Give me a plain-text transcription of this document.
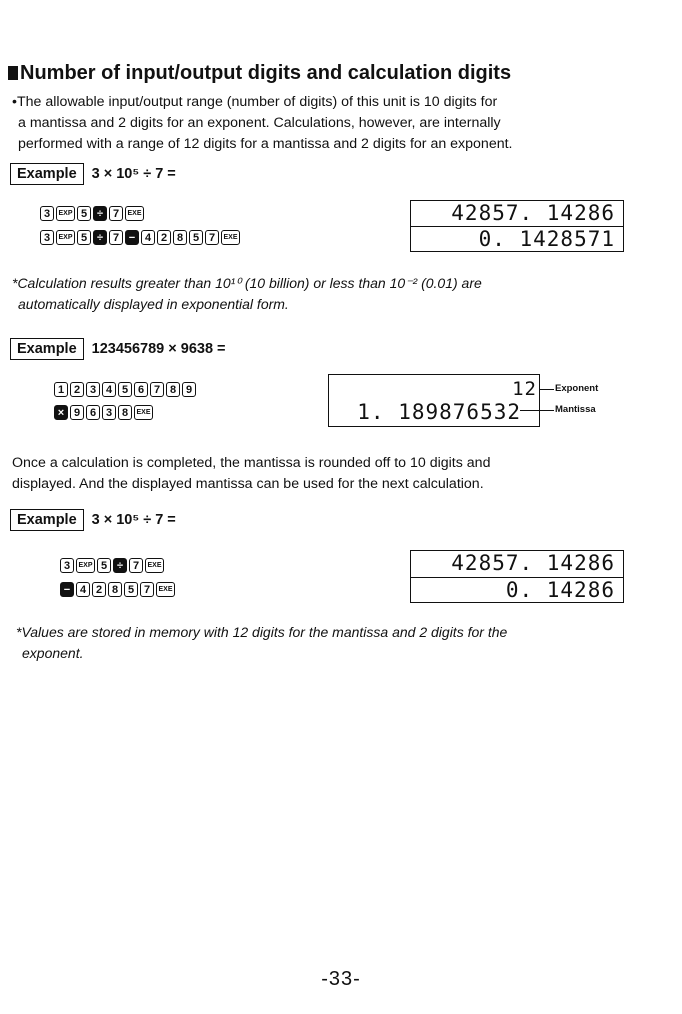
Number of input/output digits and calculation digits
•The allowable input/output range (number of digits) of this unit is 10 digits for
a mantissa and 2 digits for an exponent. Calculations, however, are internally
performed with a range of 12 digits for a mantissa and 2 digits for an exponent.
Example 3 × 10⁵ ÷ 7 =
3	EXP 5 ÷ 7	EXE
3	EXP 5 ÷ 7 − 4 2 8 5 7	EXE
42857. 14286
0. 1428571
*Calculation results greater than 10¹⁰ (10 billion) or less than 10⁻² (0.01) are
automatically displayed in exponential form.
Example 123456789 × 9638 =
1 2 3 4 5 6 7 8 9
× 9 6 3 8	EXE
12
1. 189876532
Exponent
Mantissa
Once a calculation is completed, the mantissa is rounded off to 10 digits and
displayed. And the displayed mantissa can be used for the next calculation.
Example 3 × 10⁵ ÷ 7 =
3	EXP 5 ÷ 7	EXE
− 4 2 8 5 7	EXE
42857. 14286
0. 14286
*Values are stored in memory with 12 digits for the mantissa and 2 digits for the
exponent.
-33-
